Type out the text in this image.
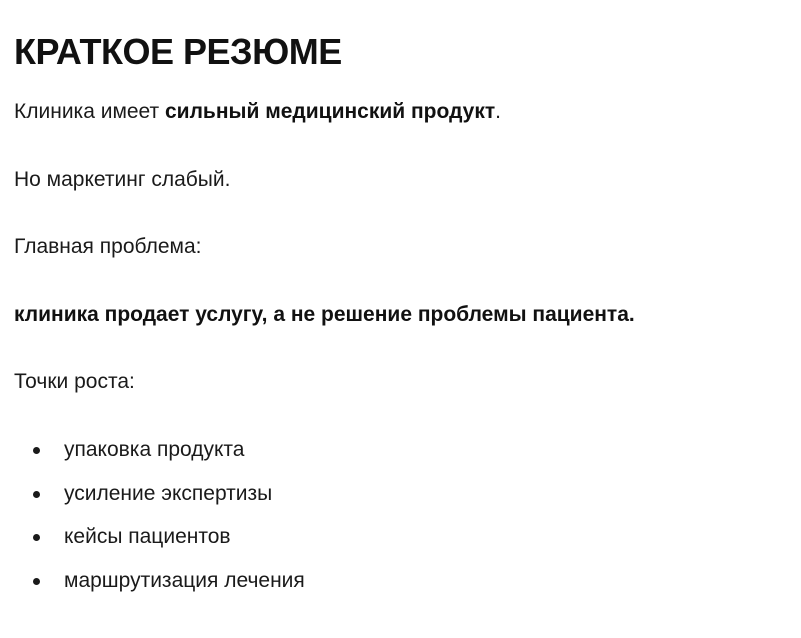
КРАТКОЕ РЕЗЮМЕ

Клиника имеет сильный медицинский продукт.

Но маркетинг слабый.

Главная проблема:

клиника продает услугу, а не решение проблемы пациента.

Точки роста:

упаковка продукта
усиление экспертизы
кейсы пациентов
маршрутизация лечения
